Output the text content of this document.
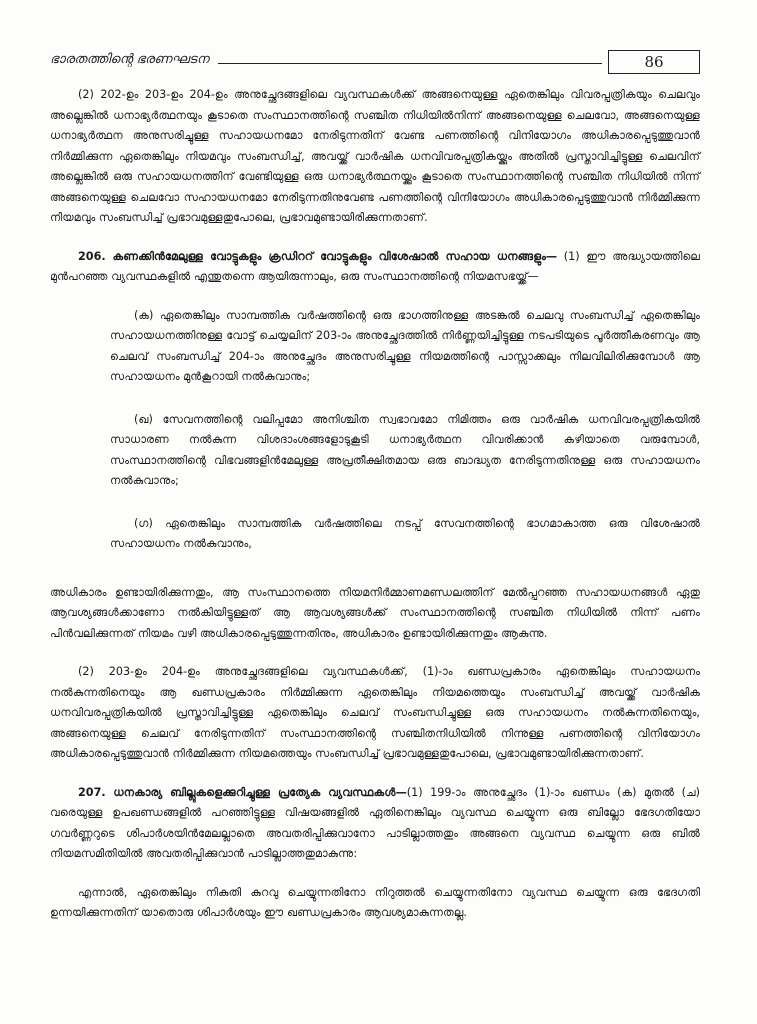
ഭാരതത്തിന്റെ ഭരണഘടന	86

(2) 202-ഉം 203-ഉം 204-ഉം അനുച്ഛേദങ്ങളിലെ വ്യവസ്ഥകൾക്ക് അങ്ങനെയുള്ള ഏതെങ്കിലും വിവരപ്പത്രികയും ചെലവും അല്ലെങ്കിൽ ധനാഭ്യർത്ഥനയും കൂടാതെ സംസ്ഥാനത്തിന്റെ സഞ്ചിത നിധിയിൽനിന്ന് അങ്ങനെയുള്ള ചെലവോ, അങ്ങനെയുള്ള ധനാഭ്യർത്ഥന അനുസരിച്ചുള്ള സഹായധനമോ നേരിടുന്നതിന് വേണ്ട പണത്തിന്റെ വിനിയോഗം അധികാരപ്പെടുത്തുവാൻ നിർമ്മിക്കുന്ന ഏതെങ്കിലും നിയമവും സംബന്ധിച്ച്, അവയ്ക്ക് വാർഷിക ധനവിവരപ്പത്രികയ്ക്കും അതിൽ പ്രസ്താവിച്ചിട്ടുള്ള ചെലവിന് അല്ലെങ്കിൽ ഒരു സഹായധനത്തിന് വേണ്ടിയുള്ള ഒരു ധനാഭ്യർത്ഥനയ്ക്കും കൂടാതെ സംസ്ഥാനത്തിന്റെ സഞ്ചിത നിധിയിൽ നിന്ന് അങ്ങനെയുള്ള ചെലവോ സഹായധനമോ നേരിടുന്നതിനുവേണ്ട പണത്തിന്റെ വിനിയോഗം അധികാരപ്പെടുത്തുവാൻ നിർമ്മിക്കുന്ന നിയമവും സംബന്ധിച്ച് പ്രഭാവമുള്ളതുപോലെ, പ്രഭാവമുണ്ടായിരിക്കുന്നതാണ്.

206. കണക്കിൻമേലുള്ള വോട്ടുകളും ക്രഡിററ് വോട്ടുകളും വിശേഷാൽ സഹായ ധനങ്ങളും— (1) ഈ അദ്ധ്യായത്തിലെ മുൻപറഞ്ഞ വ്യവസ്ഥകളിൽ എന്തുതന്നെ ആയിരുന്നാലും, ഒരു സംസ്ഥാനത്തിന്റെ നിയമസഭയ്ക്ക്—

(ക) ഏതെങ്കിലും സാമ്പത്തിക വർഷത്തിന്റെ ഒരു ഭാഗത്തിനുള്ള അടങ്കൽ ചെലവു സംബന്ധിച്ച് ഏതെങ്കിലും സഹായധനത്തിനുള്ള വോട്ട് ചെയ്യലിന് 203-ാം അനുച്ഛേദത്തിൽ നിർണ്ണയിച്ചിട്ടുള്ള നടപടിയുടെ പൂർത്തീകരണവും ആ ചെലവ് സംബന്ധിച്ച് 204-ാം അനുച്ഛേദം അനുസരിച്ചുള്ള നിയമത്തിന്റെ പാസ്സാക്കലും നിലവിലിരിക്കുമ്പോൾ ആ സഹായധനം മുൻകൂറായി നൽകുവാനും;

(ഖ) സേവനത്തിന്റെ വലിപ്പമോ അനിശ്ചിത സ്വഭാവമോ നിമിത്തം ഒരു വാർഷിക ധനവിവരപ്പത്രികയിൽ സാധാരണ നൽകുന്ന വിശദാംശങ്ങളോടുകൂടി ധനാഭ്യർത്ഥന വിവരിക്കാൻ കഴിയാതെ വരുമ്പോൾ, സംസ്ഥാനത്തിന്റെ വിഭവങ്ങളിൻമേലുള്ള അപ്രതീക്ഷിതമായ ഒരു ബാദ്ധ്യത നേരിടുന്നതിനുള്ള ഒരു സഹായധനം നൽകുവാനും;

(ഗ) ഏതെങ്കിലും സാമ്പത്തിക വർഷത്തിലെ നടപ്പ് സേവനത്തിന്റെ ഭാഗമാകാത്ത ഒരു വിശേഷാൽ സഹായധനം നൽകുവാനും,

അധികാരം ഉണ്ടായിരിക്കുന്നതും, ആ സംസ്ഥാനത്തെ നിയമനിർമ്മാണമണ്ഡലത്തിന് മേൽപ്പറഞ്ഞ സഹായധനങ്ങൾ ഏതു ആവശ്യങ്ങൾക്കാണോ നൽകിയിട്ടുള്ളത് ആ ആവശ്യങ്ങൾക്ക് സംസ്ഥാനത്തിന്റെ സഞ്ചിത നിധിയിൽ നിന്ന് പണം പിൻവലിക്കുന്നത് നിയമം വഴി അധികാരപ്പെടുത്തുന്നതിനും, അധികാരം ഉണ്ടായിരിക്കുന്നതും ആകുന്നു.

(2) 203-ഉം 204-ഉം അനുച്ഛേദങ്ങളിലെ വ്യവസ്ഥകൾക്ക്, (1)-ാം ഖണ്ഡപ്രകാരം ഏതെങ്കിലും സഹായധനം നൽകുന്നതിനെയും ആ ഖണ്ഡപ്രകാരം നിർമ്മിക്കുന്ന ഏതെങ്കിലും നിയമത്തെയും സംബന്ധിച്ച് അവയ്ക്ക് വാർഷിക ധനവിവരപ്പത്രികയിൽ പ്രസ്താവിച്ചിട്ടുള്ള ഏതെങ്കിലും ചെലവ് സംബന്ധിച്ചുള്ള ഒരു സഹായധനം നൽകുന്നതിനെയും, അങ്ങനെയുള്ള ചെലവ് നേരിടുന്നതിന് സംസ്ഥാനത്തിന്റെ സഞ്ചിതനിധിയിൽ നിന്നുള്ള പണത്തിന്റെ വിനിയോഗം അധികാരപ്പെടുത്തുവാൻ നിർമ്മിക്കുന്ന നിയമത്തെയും സംബന്ധിച്ച് പ്രഭാവമുള്ളതുപോലെ, പ്രഭാവമുണ്ടായിരിക്കുന്നതാണ്.

207. ധനകാര്യ ബില്ലുകളെക്കുറിച്ചുള്ള പ്രത്യേക വ്യവസ്ഥകൾ—(1) 199-ാം അനുച്ഛേദം (1)-ാം ഖണ്ഡം (ക) മുതൽ (ച) വരെയുള്ള ഉപഖണ്ഡങ്ങളിൽ പറഞ്ഞിട്ടുള്ള വിഷയങ്ങളിൽ ഏതിനെങ്കിലും വ്യവസ്ഥ ചെയ്യുന്ന ഒരു ബില്ലോ ഭേദഗതിയോ ഗവർണ്ണറുടെ ശിപാർശയിൻമേലല്ലാതെ അവതരിപ്പിക്കുവാനോ പാടില്ലാത്തതും അങ്ങനെ വ്യവസ്ഥ ചെയ്യുന്ന ഒരു ബിൽ നിയമസമിതിയിൽ അവതരിപ്പിക്കുവാൻ പാടില്ലാത്തതുമാകുന്നു:

എന്നാൽ, ഏതെങ്കിലും നികുതി കുറവു ചെയ്യുന്നതിനോ നിറുത്തൽ ചെയ്യുന്നതിനോ വ്യവസ്ഥ ചെയ്യുന്ന ഒരു ഭേദഗതി ഉന്നയിക്കുന്നതിന് യാതൊരു ശിപാർശയും ഈ ഖണ്ഡപ്രകാരം ആവശ്യമാകുന്നതല്ല.
